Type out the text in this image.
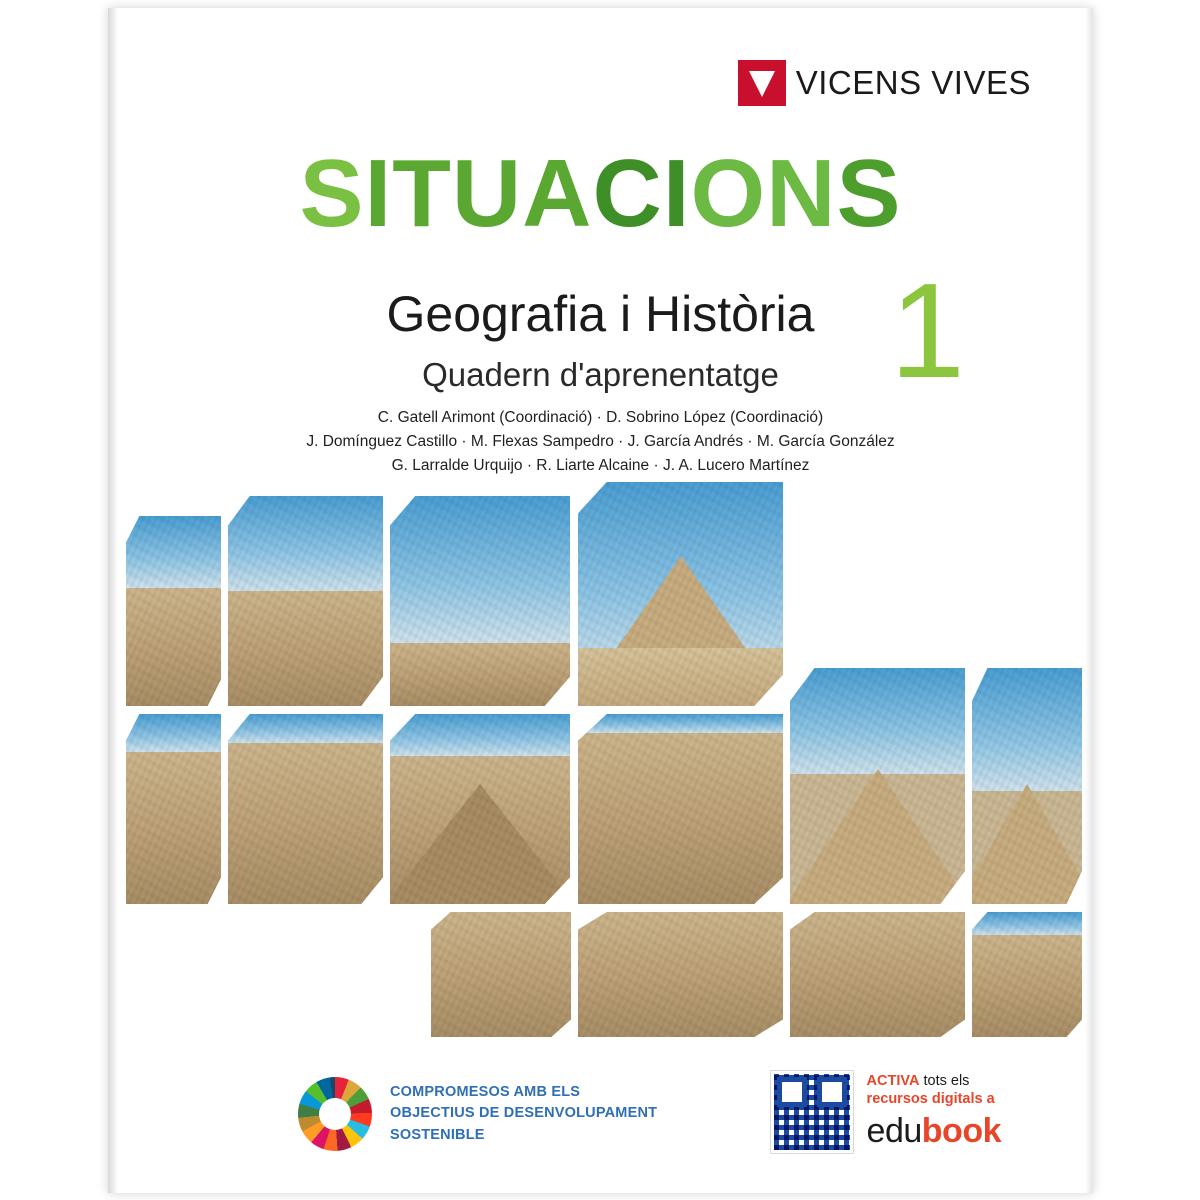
VICENS VIVES
SITUACIONS
Geografia i Història
Quadern d'aprenentatge 1
C. Gatell Arimont (Coordinació) · D. Sobrino López (Coordinació)
J. Domínguez Castillo · M. Flexas Sampedro · J. García Andrés · M. García González
G. Larralde Urquijo · R. Liarte Alcaine · J. A. Lucero Martínez
COMPROMESOS AMB ELS
OBJECTIUS DE DESENVOLUPAMENT
SOSTENIBLE
ACTIVA tots els
recursos digitals a
edubook
